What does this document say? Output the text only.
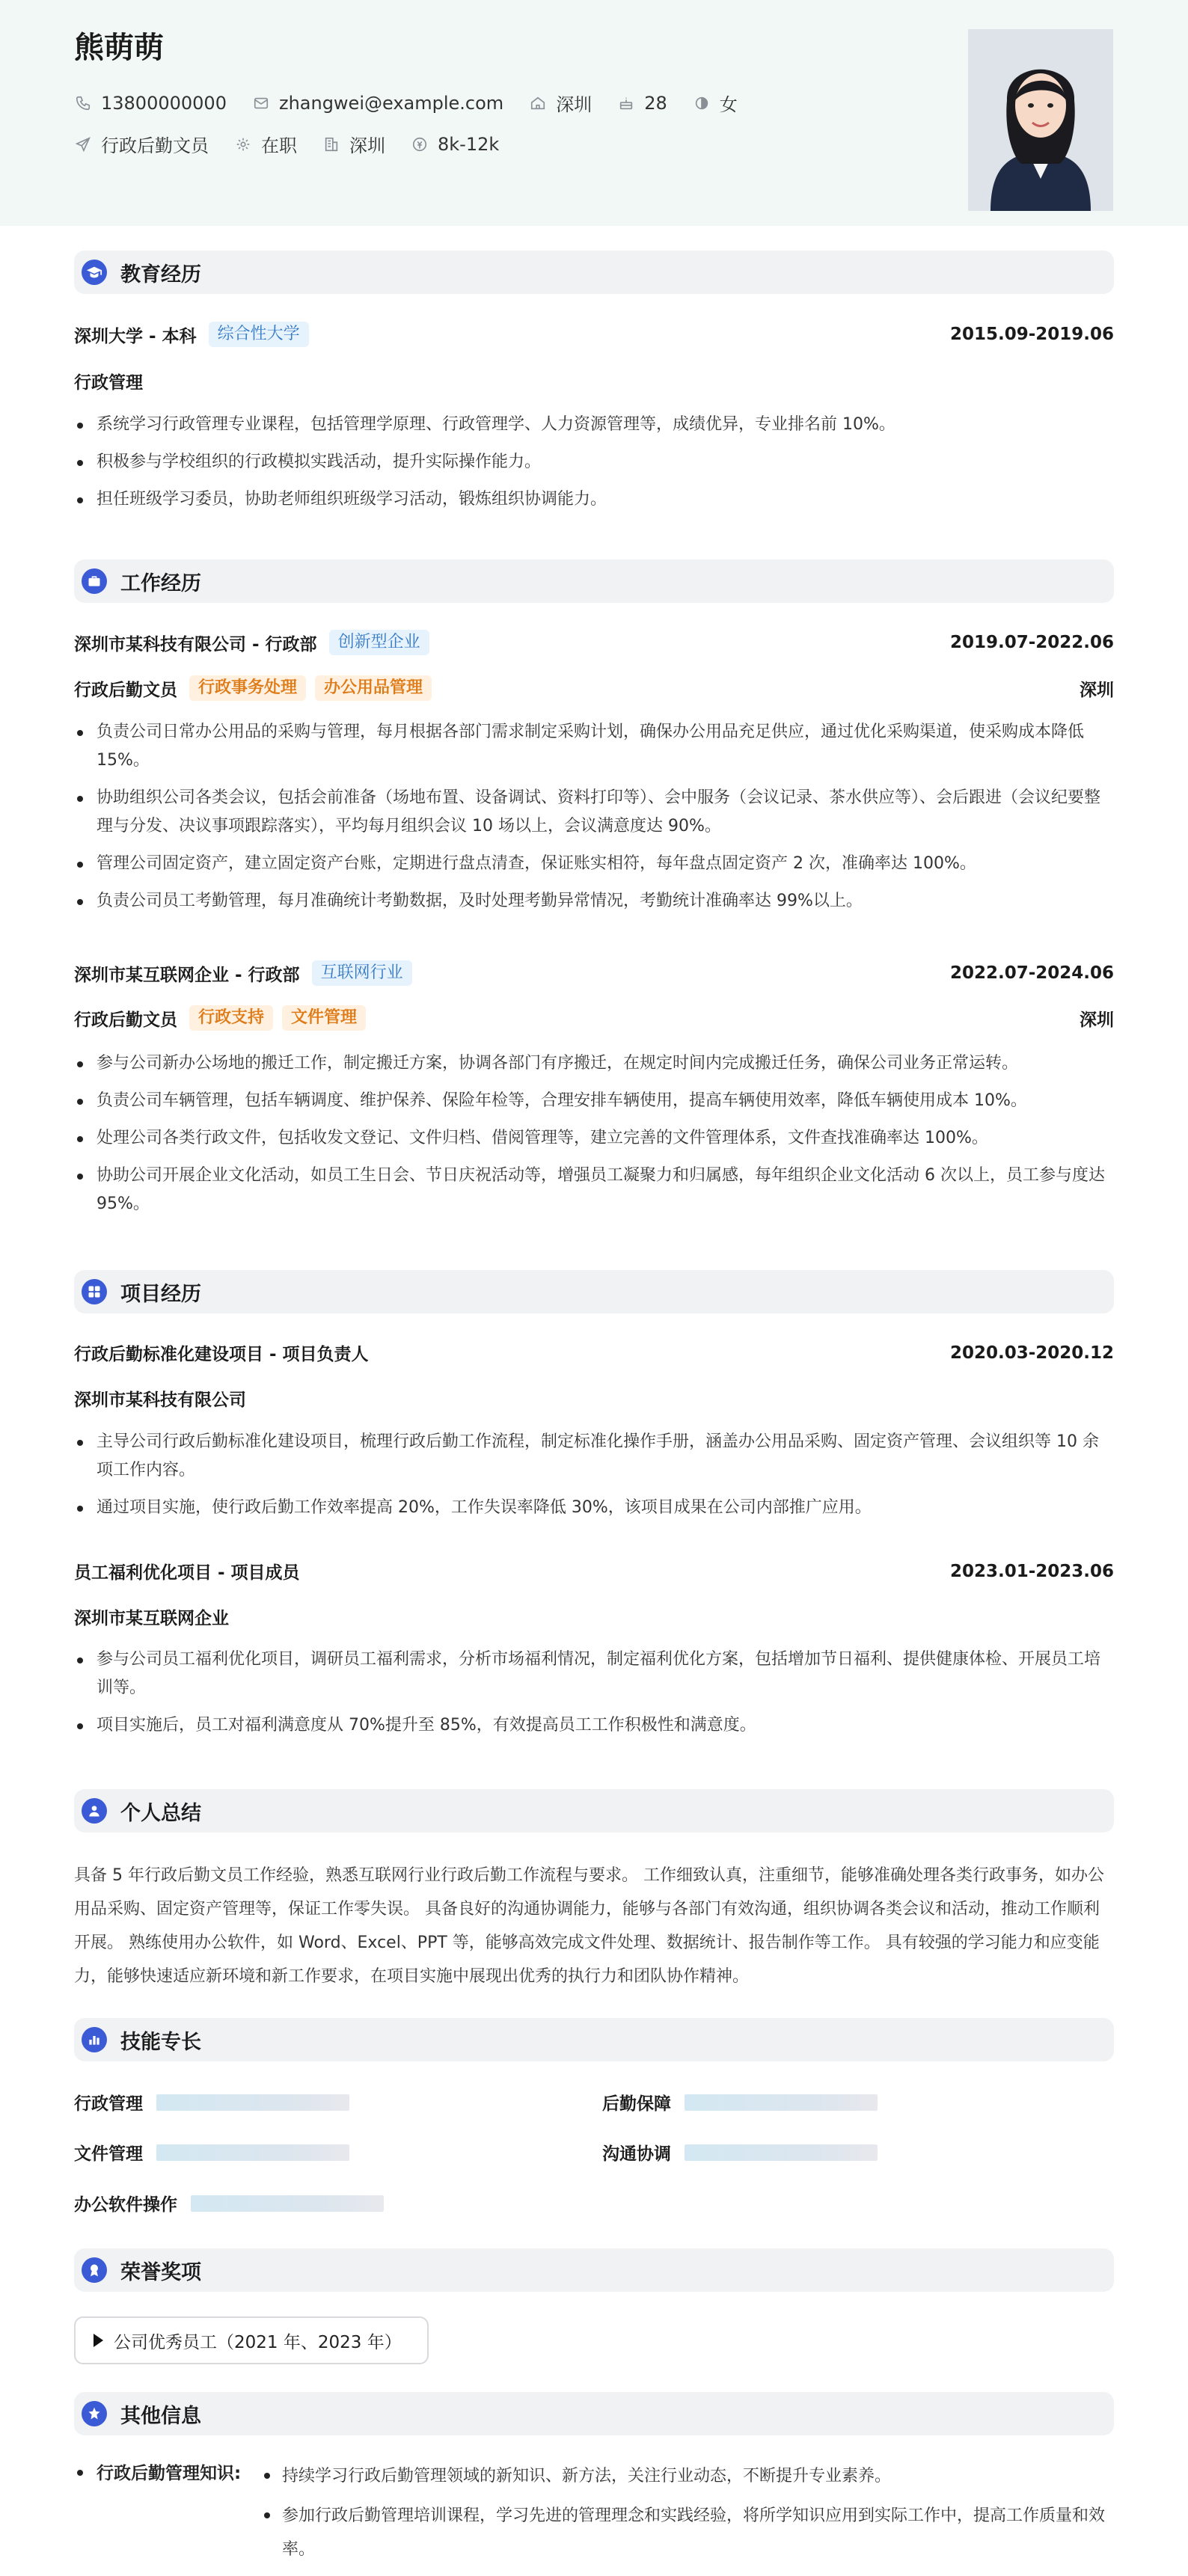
熊萌萌
13800000000	zhangwei@example.com	深圳	28	女
行政后勤文员	在职	深圳	8k-12k
教育经历
深圳大学 - 本科	综合性大学	2015.09-2019.06
行政管理
系统学习行政管理专业课程，包括管理学原理、行政管理学、人力资源管理等，成绩优异，专业排名前 10%。
积极参与学校组织的行政模拟实践活动，提升实际操作能力。
担任班级学习委员，协助老师组织班级学习活动，锻炼组织协调能力。
工作经历
深圳市某科技有限公司 - 行政部	创新型企业	2019.07-2022.06
行政后勤文员	行政事务处理	办公用品管理	深圳
负责公司日常办公用品的采购与管理，每月根据各部门需求制定采购计划，确保办公用品充足供应，通过优化采购渠道，使采购成本降低 15%。
协助组织公司各类会议，包括会前准备（场地布置、设备调试、资料打印等）、会中服务（会议记录、茶水供应等）、会后跟进（会议纪要整理与分发、决议事项跟踪落实），平均每月组织会议 10 场以上，会议满意度达 90%。
管理公司固定资产，建立固定资产台账，定期进行盘点清查，保证账实相符，每年盘点固定资产 2 次，准确率达 100%。
负责公司员工考勤管理，每月准确统计考勤数据，及时处理考勤异常情况，考勤统计准确率达 99%以上。
深圳市某互联网企业 - 行政部	互联网行业	2022.07-2024.06
行政后勤文员	行政支持	文件管理	深圳
参与公司新办公场地的搬迁工作，制定搬迁方案，协调各部门有序搬迁，在规定时间内完成搬迁任务，确保公司业务正常运转。
负责公司车辆管理，包括车辆调度、维护保养、保险年检等，合理安排车辆使用，提高车辆使用效率，降低车辆使用成本 10%。
处理公司各类行政文件，包括收发文登记、文件归档、借阅管理等，建立完善的文件管理体系，文件查找准确率达 100%。
协助公司开展企业文化活动，如员工生日会、节日庆祝活动等，增强员工凝聚力和归属感，每年组织企业文化活动 6 次以上，员工参与度达 95%。
项目经历
行政后勤标准化建设项目 - 项目负责人	2020.03-2020.12
深圳市某科技有限公司
主导公司行政后勤标准化建设项目，梳理行政后勤工作流程，制定标准化操作手册，涵盖办公用品采购、固定资产管理、会议组织等 10 余项工作内容。
通过项目实施，使行政后勤工作效率提高 20%，工作失误率降低 30%，该项目成果在公司内部推广应用。
员工福利优化项目 - 项目成员	2023.01-2023.06
深圳市某互联网企业
参与公司员工福利优化项目，调研员工福利需求，分析市场福利情况，制定福利优化方案，包括增加节日福利、提供健康体检、开展员工培训等。
项目实施后，员工对福利满意度从 70%提升至 85%，有效提高员工工作积极性和满意度。
个人总结

具备 5 年行政后勤文员工作经验，熟悉互联网行业行政后勤工作流程与要求。 工作细致认真，注重细节，能够准确处理各类行政事务，如办公用品采购、固定资产管理等，保证工作零失误。 具备良好的沟通协调能力，能够与各部门有效沟通，组织协调各类会议和活动，推动工作顺利开展。 熟练使用办公软件，如 Word、Excel、PPT 等，能够高效完成文件处理、数据统计、报告制作等工作。 具有较强的学习能力和应变能力，能够快速适应新环境和新工作要求，在项目实施中展现出优秀的执行力和团队协作精神。

技能专长
行政管理	后勤保障
文件管理	沟通协调
办公软件操作
荣誉奖项
公司优秀员工（2021 年、2023 年）
其他信息
行政后勤管理知识:	持续学习行政后勤管理领域的新知识、新方法，关注行业动态，不断提升专业素养。
参加行政后勤管理培训课程，学习先进的管理理念和实践经验，将所学知识应用到实际工作中，提高工作质量和效率。
